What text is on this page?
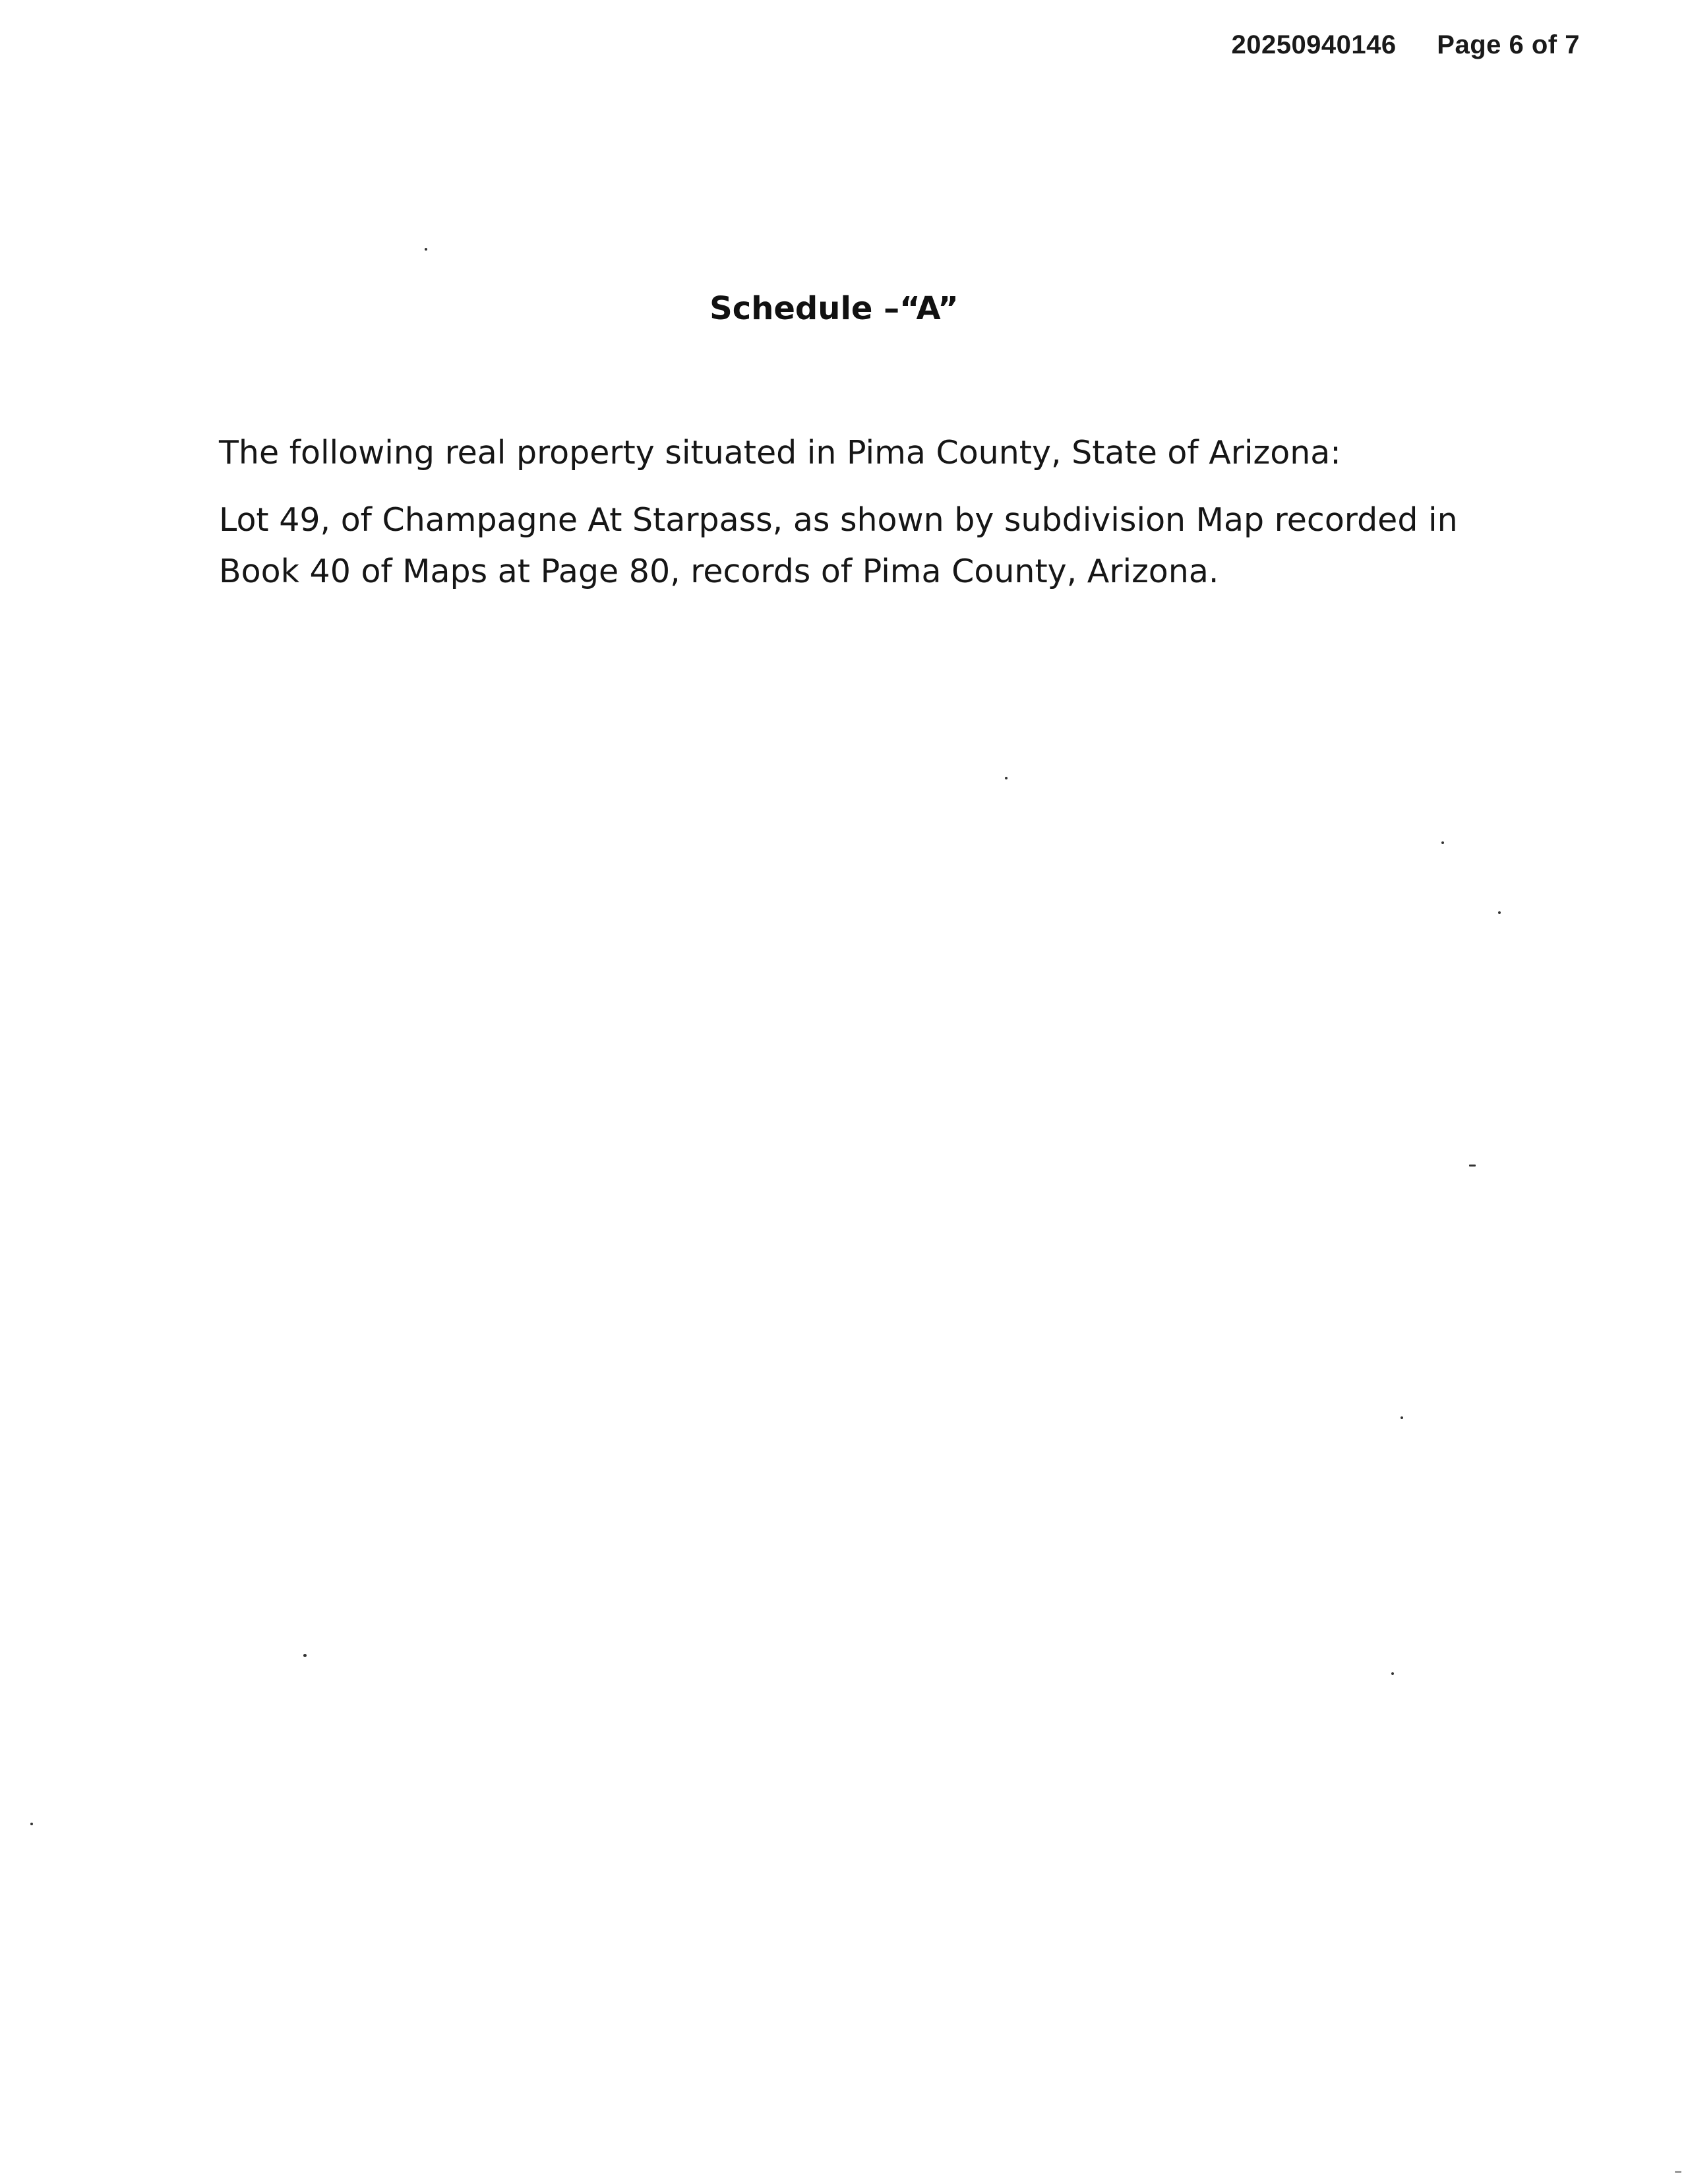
20250940146 Page 6 of 7
Schedule –“A”
The following real property situated in Pima County, State of Arizona:
Lot 49, of Champagne At Starpass, as shown by subdivision Map recorded in Book 40 of Maps at Page 80, records of Pima County, Arizona.
